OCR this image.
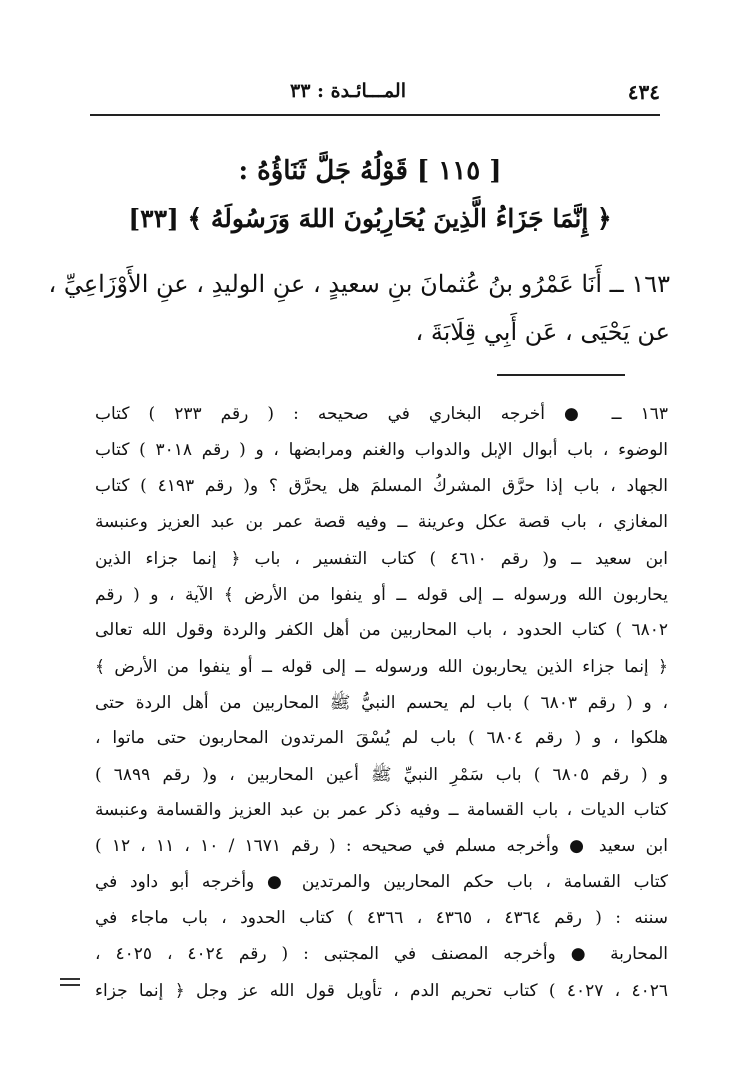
٤٣٤
المـــائـدة : ٣٣
[ ١١٥ ] قَوْلُهُ جَلَّ ثَنَاؤُهُ :
﴿ إِنَّمَا جَزَاءُ الَّذِينَ يُحَارِبُونَ اللهَ وَرَسُولَهُ ﴾ [٣٣]
١٦٣ ــ أَنَا عَمْرُو بنُ عُثمانَ بنِ سعيدٍ ، عنِ الوليدِ ، عنِ الأَوْزَاعِيِّ ،
عن يَحْيَى ، عَن أَبِي قِلَابَةَ ،
١٦٣ ــ ● أخرجه البخاري في صحيحه : ( رقم ٢٣٣ ) كتاب
الوضوء ، باب أبوال الإبل والدواب والغنم ومرابضها ، و ( رقم ٣٠١٨ ) كتاب
الجهاد ، باب إذا حرَّق المشركُ المسلمَ هل يحرَّق ؟ و( رقم ٤١٩٣ ) كتاب
المغازي ، باب قصة عكل وعرينة ــ وفيه قصة عمر بن عبد العزيز وعنبسة
ابن سعيد ــ و( رقم ٤٦١٠ ) كتاب التفسير ، باب ﴿ إنما جزاء الذين
يحاربون الله ورسوله ــ إلى قوله ــ أو ينفوا من الأرض ﴾ الآية ، و ( رقم
٦٨٠٢ ) كتاب الحدود ، باب المحاربين من أهل الكفر والردة وقول الله تعالى
﴿ إنما جزاء الذين يحاربون الله ورسوله ــ إلى قوله ــ أو ينفوا من الأرض ﴾
، و ( رقم ٦٨٠٣ ) باب لم يحسم النبيُّ ﷺ المحاربين من أهل الردة حتى
هلكوا ، و ( رقم ٦٨٠٤ ) باب لم يُسْقَ المرتدون المحاربون حتى ماتوا ،
و ( رقم ٦٨٠٥ ) باب سَمْرِ النبيِّ ﷺ أعين المحاربين ، و( رقم ٦٨٩٩ )
كتاب الديات ، باب القسامة ــ وفيه ذكر عمر بن عبد العزيز والقسامة وعنبسة
ابن سعيد ● وأخرجه مسلم في صحيحه : ( رقم ١٦٧١ / ١٠ ، ١١ ، ١٢ )
كتاب القسامة ، باب حكم المحاربين والمرتدين ● وأخرجه أبو داود في
سننه : ( رقم ٤٣٦٤ ، ٤٣٦٥ ، ٤٣٦٦ ) كتاب الحدود ، باب ماجاء في
المحاربة ● وأخرجه المصنف في المجتبى : ( رقم ٤٠٢٤ ، ٤٠٢٥ ،
٤٠٢٦ ، ٤٠٢٧ ) كتاب تحريم الدم ، تأويل قول الله عز وجل ﴿ إنما جزاء
